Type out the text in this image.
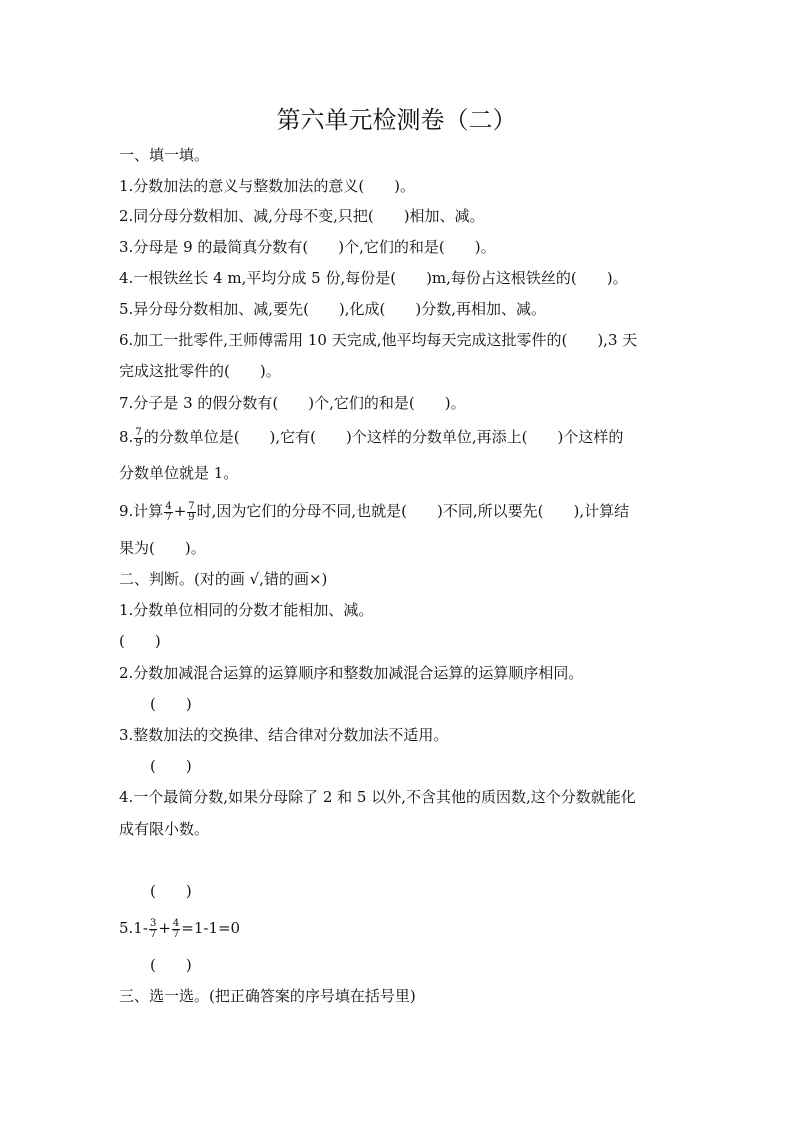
第六单元检测卷（二）
一、填一填。
1.分数加法的意义与整数加法的意义(　　)。
2.同分母分数相加、减,分母不变,只把(　　)相加、减。
3.分母是 9 的最简真分数有(　　)个,它们的和是(　　)。
4.一根铁丝长 4 m,平均分成 5 份,每份是(　　)m,每份占这根铁丝的(　　)。
5.异分母分数相加、减,要先(　　),化成(　　)分数,再相加、减。
6.加工一批零件,王师傅需用 10 天完成,他平均每天完成这批零件的(　　),3 天
完成这批零件的(　　)。
7.分子是 3 的假分数有(　　)个,它们的和是(　　)。
8. $\frac{7}{9}$ 的分数单位是(　　),它有(　　)个这样的分数单位,再添上(　　)个这样的
分数单位就是 1。
9.计算 $\frac{4}{7} + \frac{7}{9}$ 时,因为它们的分母不同,也就是(　　)不同,所以要先(　　),计算结
果为(　　)。
二、判断。(对的画 √,错的画×)
1.分数单位相同的分数才能相加、减。
(　　)
2.分数加减混合运算的运算顺序和整数加减混合运算的运算顺序相同。
(　　)
3.整数加法的交换律、结合律对分数加法不适用。
(　　)
4.一个最简分数,如果分母除了 2 和 5 以外,不含其他的质因数,这个分数就能化
成有限小数。
(　　)
$5.1- \frac{3}{7} + \frac{4}{7} =1-1=0$
(　　)
三、选一选。(把正确答案的序号填在括号里)
